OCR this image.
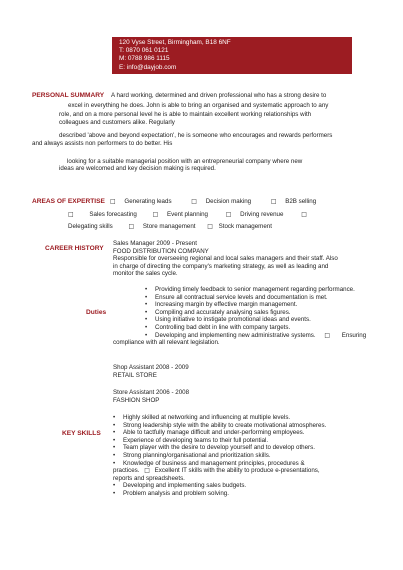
120 Vyse Street, Birmingham, B18 6NF
T: 0870 061 0121
M: 0788 986 1115
E: info@dayjob.com
PERSONAL SUMMARY	A hard working, determined and driven professional who has a strong desire to
excel in everything he does. John is able to bring an organised and systematic approach to any
role, and on a more personal level he is able to maintain excellent working relationships with
colleagues and customers alike. Regularly
described 'above and beyond expectation', he is someone who encourages and rewards performers
and always assists non performers to do better. His
looking for a suitable managerial position with an entrepreneurial company where new
ideas are welcomed and key decision making is required.
AREAS OF EXPERTISE □ Generating leads	□ Decision making	□ B2B selling
□	Sales forecasting	□ Event planning	□ Driving revenue	□
Delegating skills	□ Store management □ Stock management
CAREER HISTORY
Sales Manager 2009 - Present
FOOD DISTRIBUTION COMPANY
Responsible for overseeing regional and local sales managers and their staff. Also
in charge of directing the company's marketing strategy, as well as leading and
monitor the sales cycle.
Duties
• Providing timely feedback to senior management regarding performance.
• Ensure all contractual service levels and documentation is met.
• Increasing margin by effective margin management.
• Compiling and accurately analysing sales figures.
• Using initiative to instigate promotional ideas and events.
• Controlling bad debt in line with company targets.
• Developing and implementing new administrative systems. □ Ensuring
compliance with all relevant legislation.
Shop Assistant 2008 - 2009
RETAIL STORE
Store Assistant 2006 - 2008
FASHION SHOP
KEY SKILLS
• Highly skilled at networking and influencing at multiple levels.
• Strong leadership style with the ability to create motivational atmospheres.
• Able to tactfully manage difficult and under-performing employees.
• Experience of developing teams to their full potential.
• Team player with the desire to develop yourself and to develop others.
• Strong planning/organisational and prioritization skills.
• Knowledge of business and management principles, procedures &
practices. □ Excellent IT skills with the ability to produce e-presentations,
reports and spreadsheets.
• Developing and implementing sales budgets.
• Problem analysis and problem solving.
